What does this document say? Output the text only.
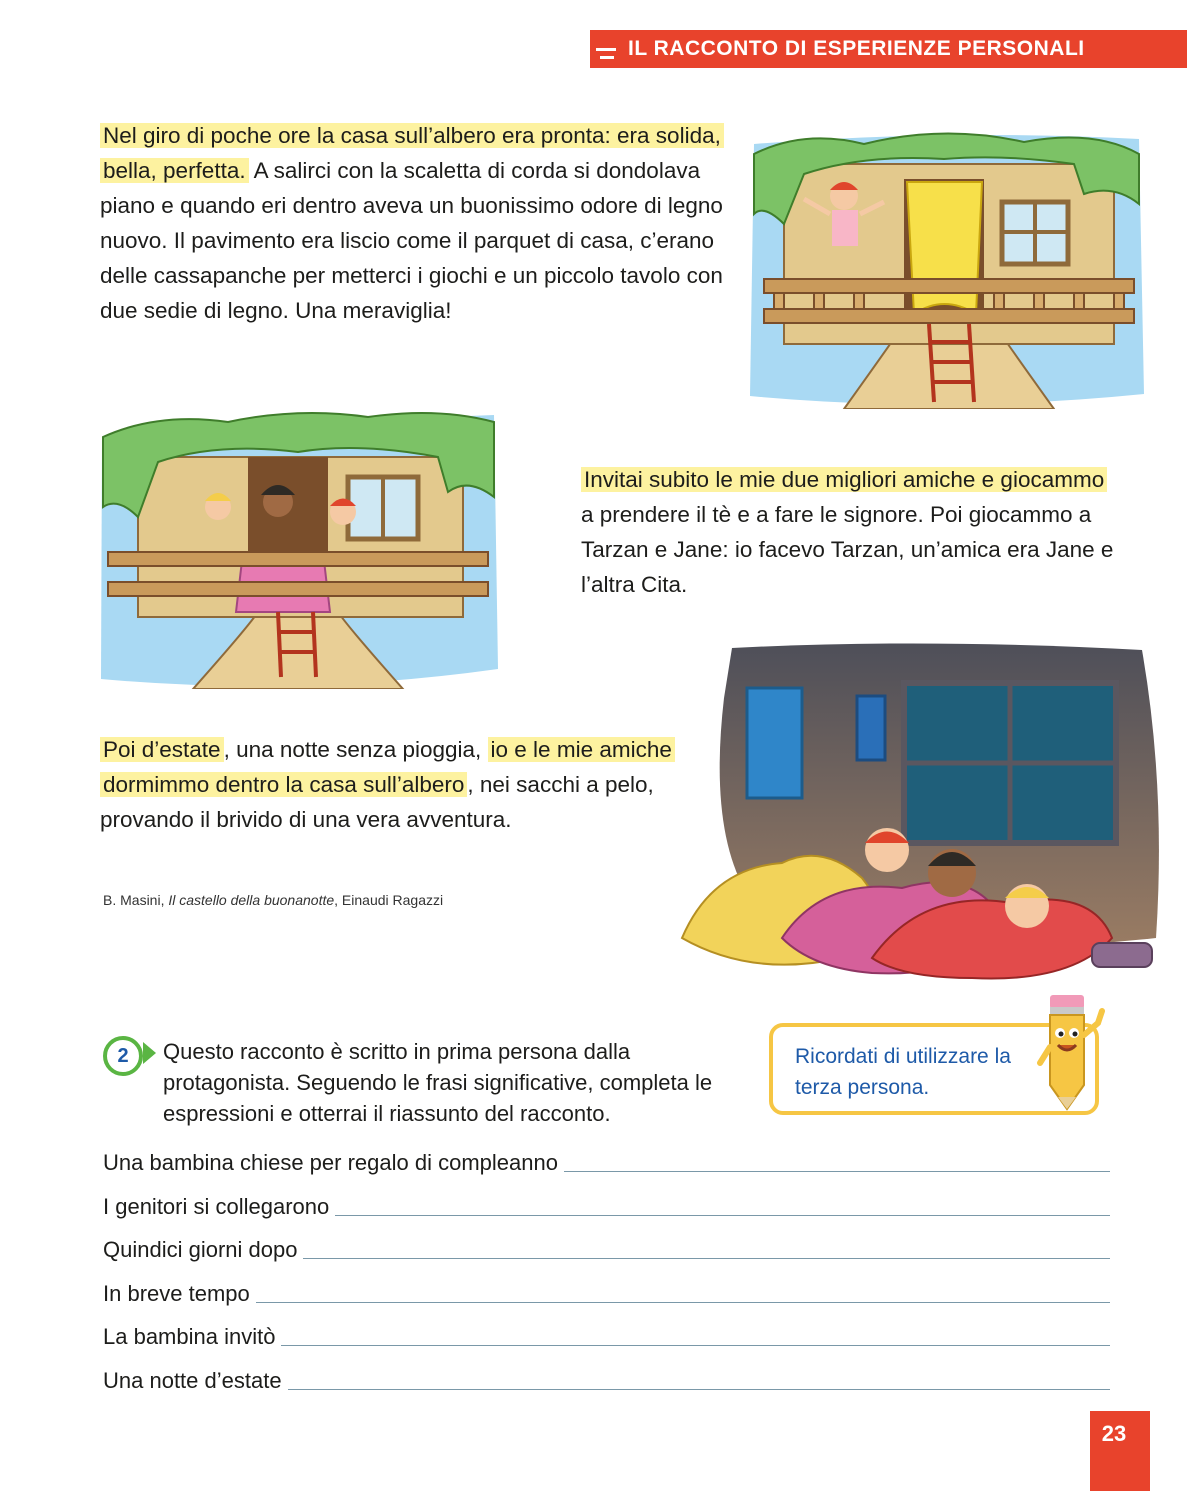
IL RACCONTO DI ESPERIENZE PERSONALI

Nel giro di poche ore la casa sull’albero era pronta: era solida, bella, perfetta. A salirci con la scaletta di corda si dondolava piano e quando eri dentro aveva un buonissimo odore di legno nuovo. Il pavimento era liscio come il parquet di casa, c’erano delle cassapanche per metterci i giochi e un piccolo tavolo con due sedie di legno. Una meraviglia!

Invitai subito le mie due migliori amiche e giocammo a prendere il tè e a fare le signore. Poi giocammo a Tarzan e Jane: io facevo Tarzan, un’amica era Jane e l’altra Cita.

Poi d’estate , una notte senza pioggia, io e le mie amiche dormimmo dentro la casa sull’albero , nei sacchi a pelo, provando il brivido di una vera avventura.

B. Masini, Il castello della buonanotte, Einaudi Ragazzi
2	Questo racconto è scritto in prima persona dalla protagonista. Seguendo le frasi significative, completa le espressioni e otterrai il riassunto del racconto.

Ricordati di utilizzare la terza persona.
Una bambina chiese per regalo di compleanno
I genitori si collegarono
Quindici giorni dopo
In breve tempo
La bambina invitò
Una notte d’estate
23
